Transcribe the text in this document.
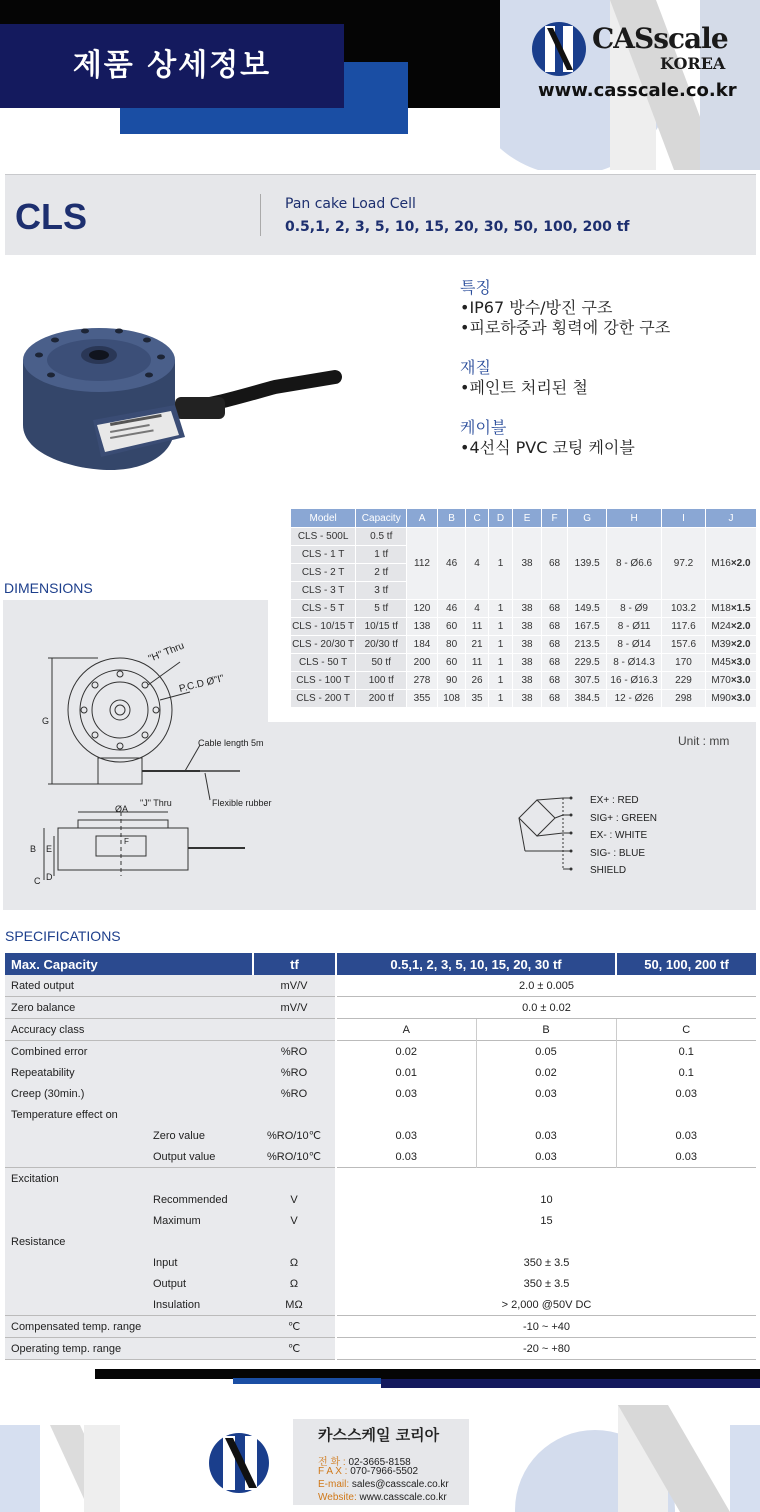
제품 상세정보
CASscale
KOREA
www.casscale.co.kr
CLS	Pan cake Load Cell
0.5,1, 2, 3, 5, 10, 15, 20, 30, 50, 100, 200 tf
특징
•IP67 방수/방진 구조
•피로하중과 횡력에 강한 구조
재질
•페인트 처리된 철
케이블
•4선식 PVC 코팅 케이블
DIMENSIONS
Model	Capacity	A	B	C	D	E	F	G	H	I	J
CLS - 500L	0.5 tf	112	46	4	1	38	68	139.5	8 - Ø6.6	97.2	M16×2.0
CLS - 1 T	1 tf										
CLS - 2 T	2 tf										
CLS - 3 T	3 tf										
CLS - 5 T	5 tf	120	46	4	1	38	68	149.5	8 - Ø9	103.2	M18×1.5
CLS - 10/15 T	10/15 tf	138	60	11	1	38	68	167.5	8 - Ø11	117.6	M24×2.0
CLS - 20/30 T	20/30 tf	184	80	21	1	38	68	213.5	8 - Ø14	157.6	M39×2.0
CLS - 50 T	50 tf	200	60	11	1	38	68	229.5	8 - Ø14.3	170	M45×3.0
CLS - 100 T	100 tf	278	90	26	1	38	68	307.5	16 - Ø16.3	229	M70×3.0
CLS - 200 T	200 tf	355	108	35	1	38	68	384.5	12 - Ø26	298	M90×3.0
"H" Thru
P.C.D Ø"I"
Cable length 5m
Flexible rubber
ØA
"J" Thru
G
B E
C D
F
Unit : mm
EX+ : RED
SIG+ : GREEN
EX- : WHITE
SIG- : BLUE
SHIELD
SPECIFICATIONS
Max. Capacity		tf	0.5,1, 2, 3, 5, 10, 15, 20, 30 tf		50, 100, 200 tf
Rated output		mV/V	2.0 ± 0.005		
Zero balance		mV/V	0.0 ± 0.02		
Accuracy class			A	B	C
Combined error		%RO	0.02	0.05	0.1
Repeatability		%RO	0.01	0.02	0.1
Creep (30min.)		%RO	0.03	0.03	0.03
Temperature effect on					
	Zero value	%RO/10℃	0.03	0.03	0.03
	Output value	%RO/10℃	0.03	0.03	0.03
Excitation					
	Recommended	V	10		
	Maximum	V	15		
Resistance					
	Input	Ω	350 ± 3.5		
	Output	Ω	350 ± 3.5		
	Insulation	MΩ	> 2,000 @50V DC		
Compensated temp. range		℃	-10 ~ +40		
Operating temp. range		℃	-20 ~ +80		
카스스케일 코리아
전 화 : 02-3665-8158
F A X : 070-7966-5502
E-mail: sales@casscale.co.kr
Website: www.casscale.co.kr
